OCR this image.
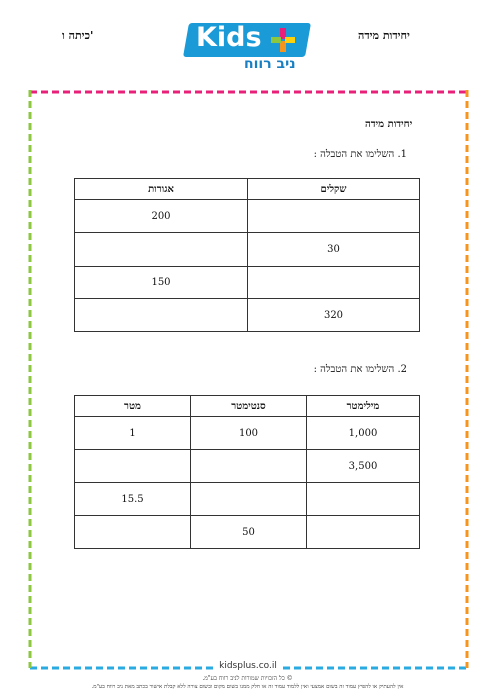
כיתה ו'	יחידות מידה
Kids
ניב רווח
יחידות מידה
1. השלימו את הטבלה :
אגורות	שקלים
200	
	30
150	
	320
2. השלימו את הטבלה :
מטר	סנטימטר	מילימטר
1	100	1,000
		3,500
15.5		
	50	
kidsplus.co.il
© כל הזכויות שמורות לניב רווח בע"מ.
אין להעתיק או להפיץ עמוד זה בשום אמצעי ואין ללמוד עמוד זה או חלק ממנו בשום מקום ובשום צורה ללא קבלת אישור בכתב מאת ניב רווח בע"מ.
